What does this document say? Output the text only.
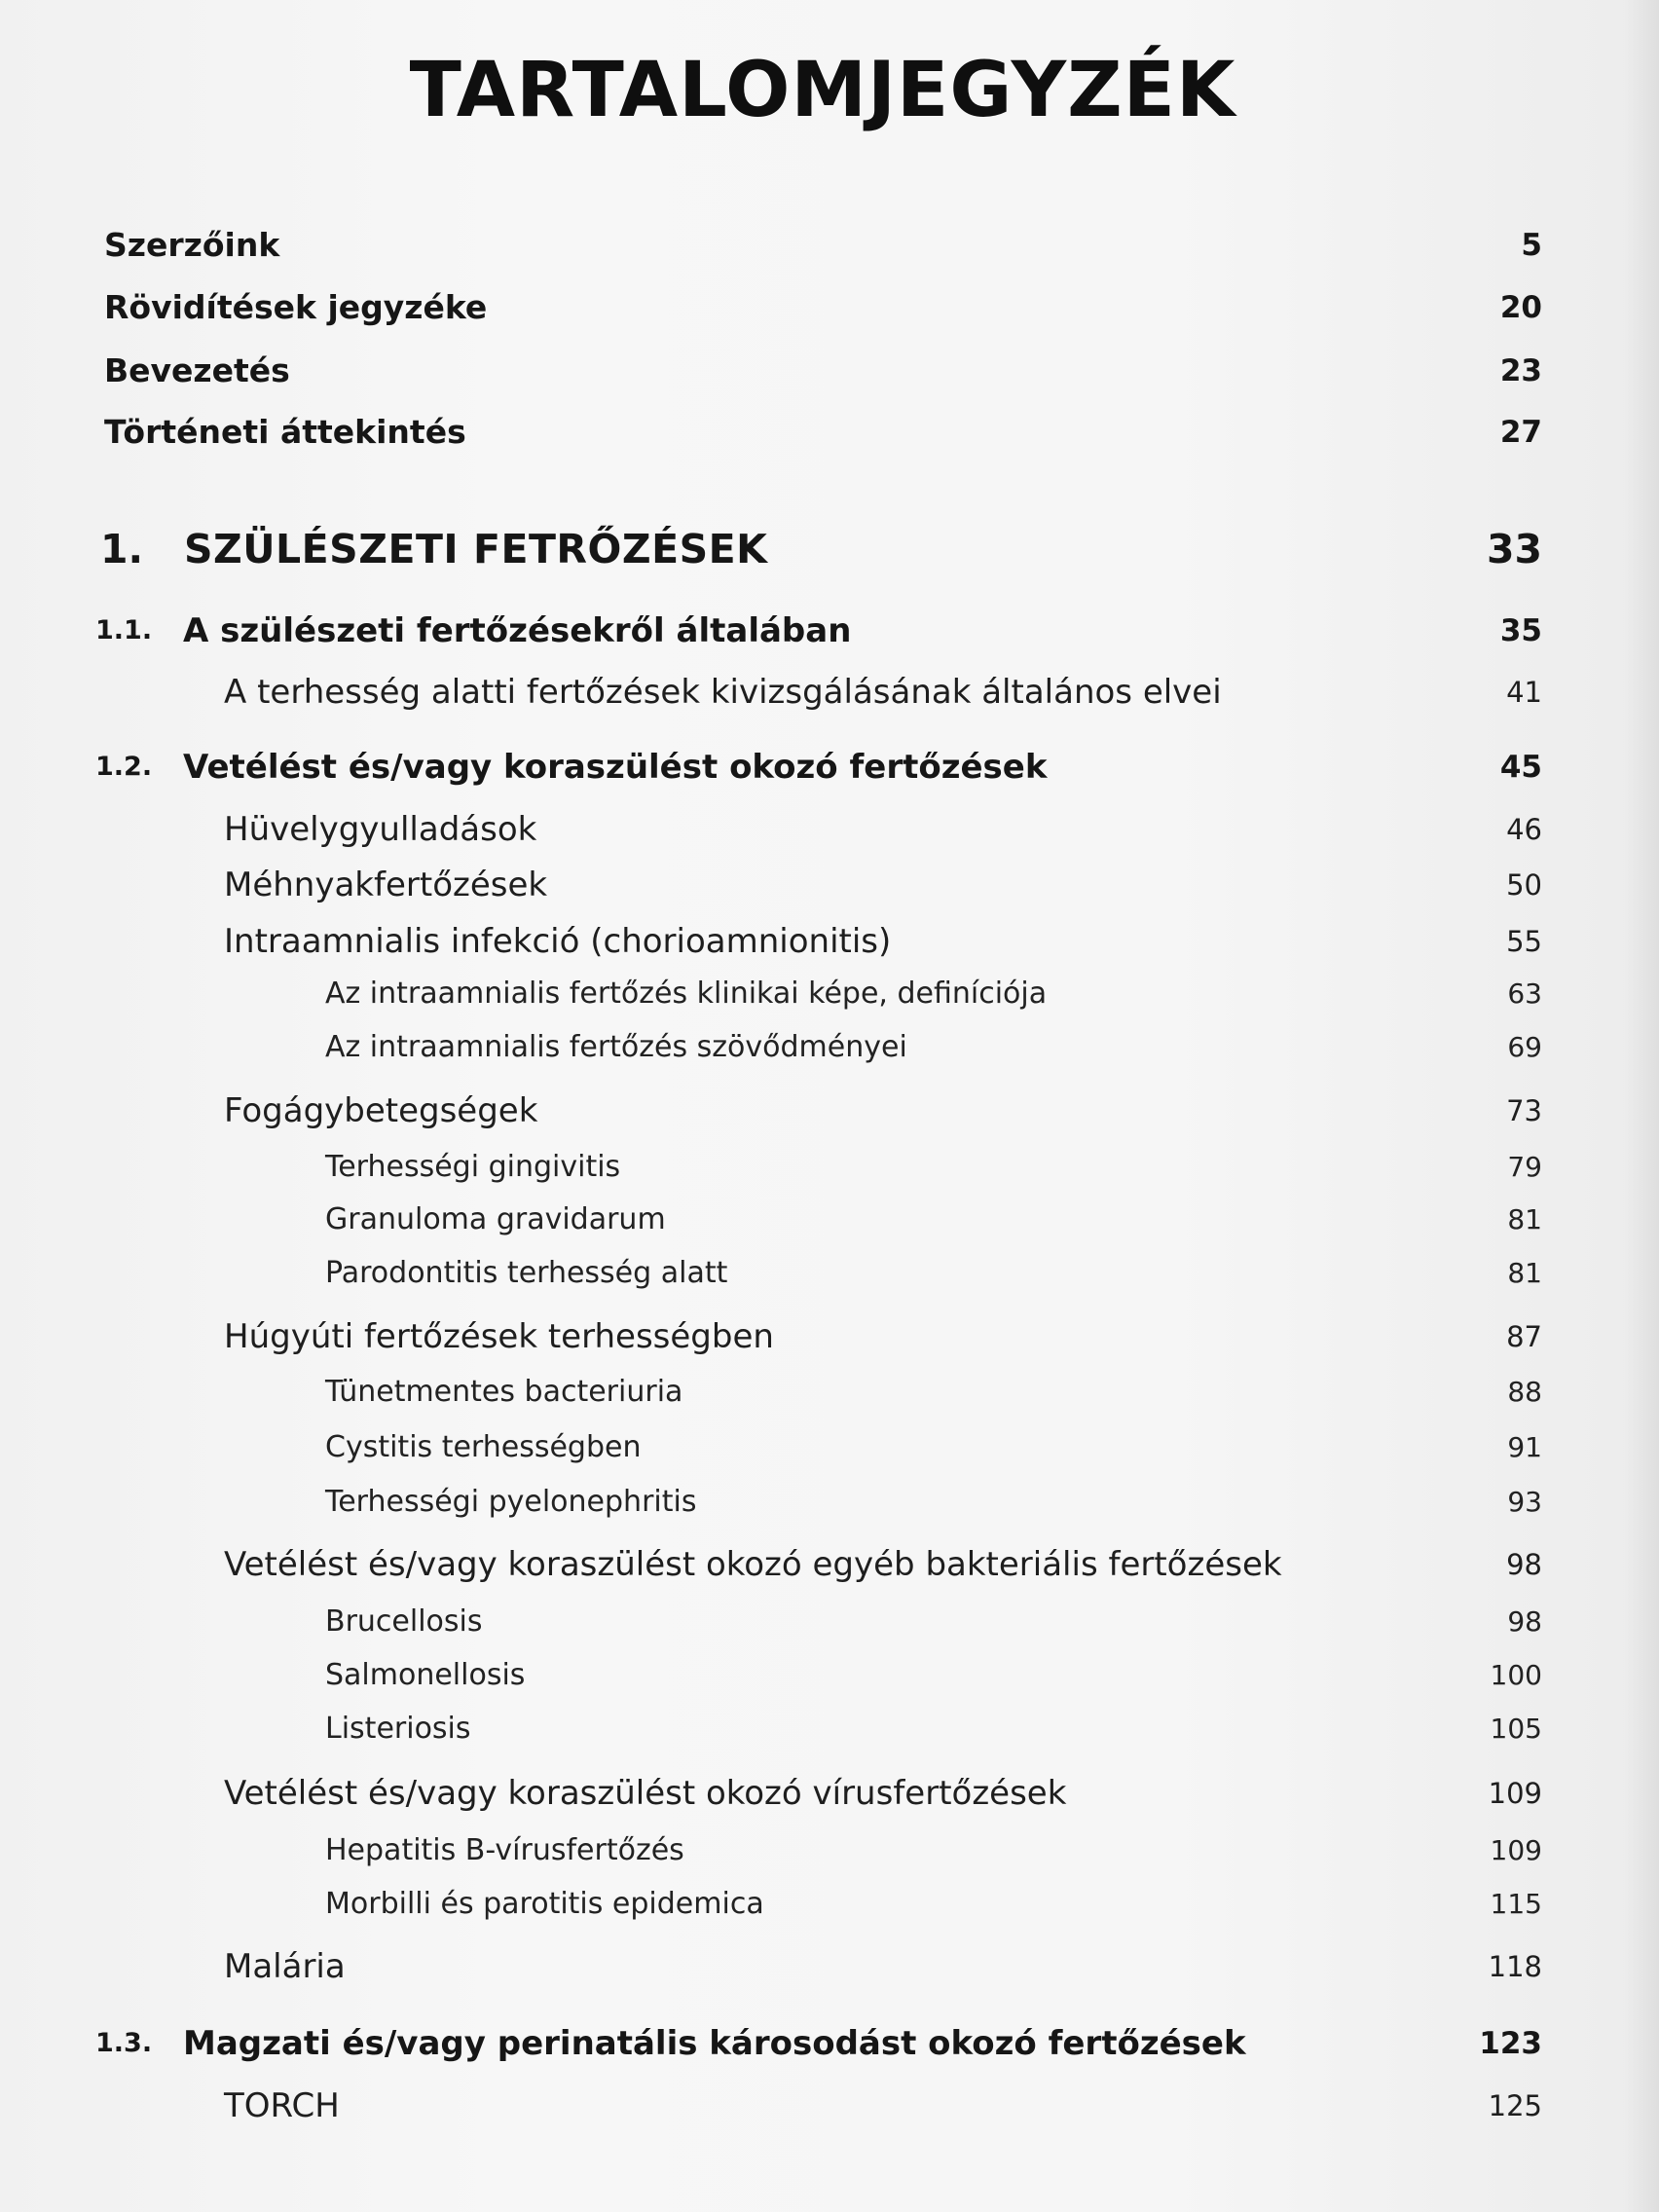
TARTALOMJEGYZÉK
Szerzőink	5
Rövidítések jegyzéke	20
Bevezetés	23
Történeti áttekintés	27
1. SZÜLÉSZETI FETRŐZÉSEK	33
1.1. A szülészeti fertőzésekről általában	35
A terhesség alatti fertőzések kivizsgálásának általános elvei	41
1.2. Vetélést és/vagy koraszülést okozó fertőzések	45
Hüvelygyulladások	46
Méhnyakfertőzések	50
Intraamnialis infekció (chorioamnionitis)	55
Az intraamnialis fertőzés klinikai képe, definíciója	63
Az intraamnialis fertőzés szövődményei	69
Fogágybetegségek	73
Terhességi gingivitis	79
Granuloma gravidarum	81
Parodontitis terhesség alatt	81
Húgyúti fertőzések terhességben	87
Tünetmentes bacteriuria	88
Cystitis terhességben	91
Terhességi pyelonephritis	93
Vetélést és/vagy koraszülést okozó egyéb bakteriális fertőzések	98
Brucellosis	98
Salmonellosis	100
Listeriosis	105
Vetélést és/vagy koraszülést okozó vírusfertőzések	109
Hepatitis B-vírusfertőzés	109
Morbilli és parotitis epidemica	115
Malária	118
1.3. Magzati és/vagy perinatális károsodást okozó fertőzések	123
TORCH	125
